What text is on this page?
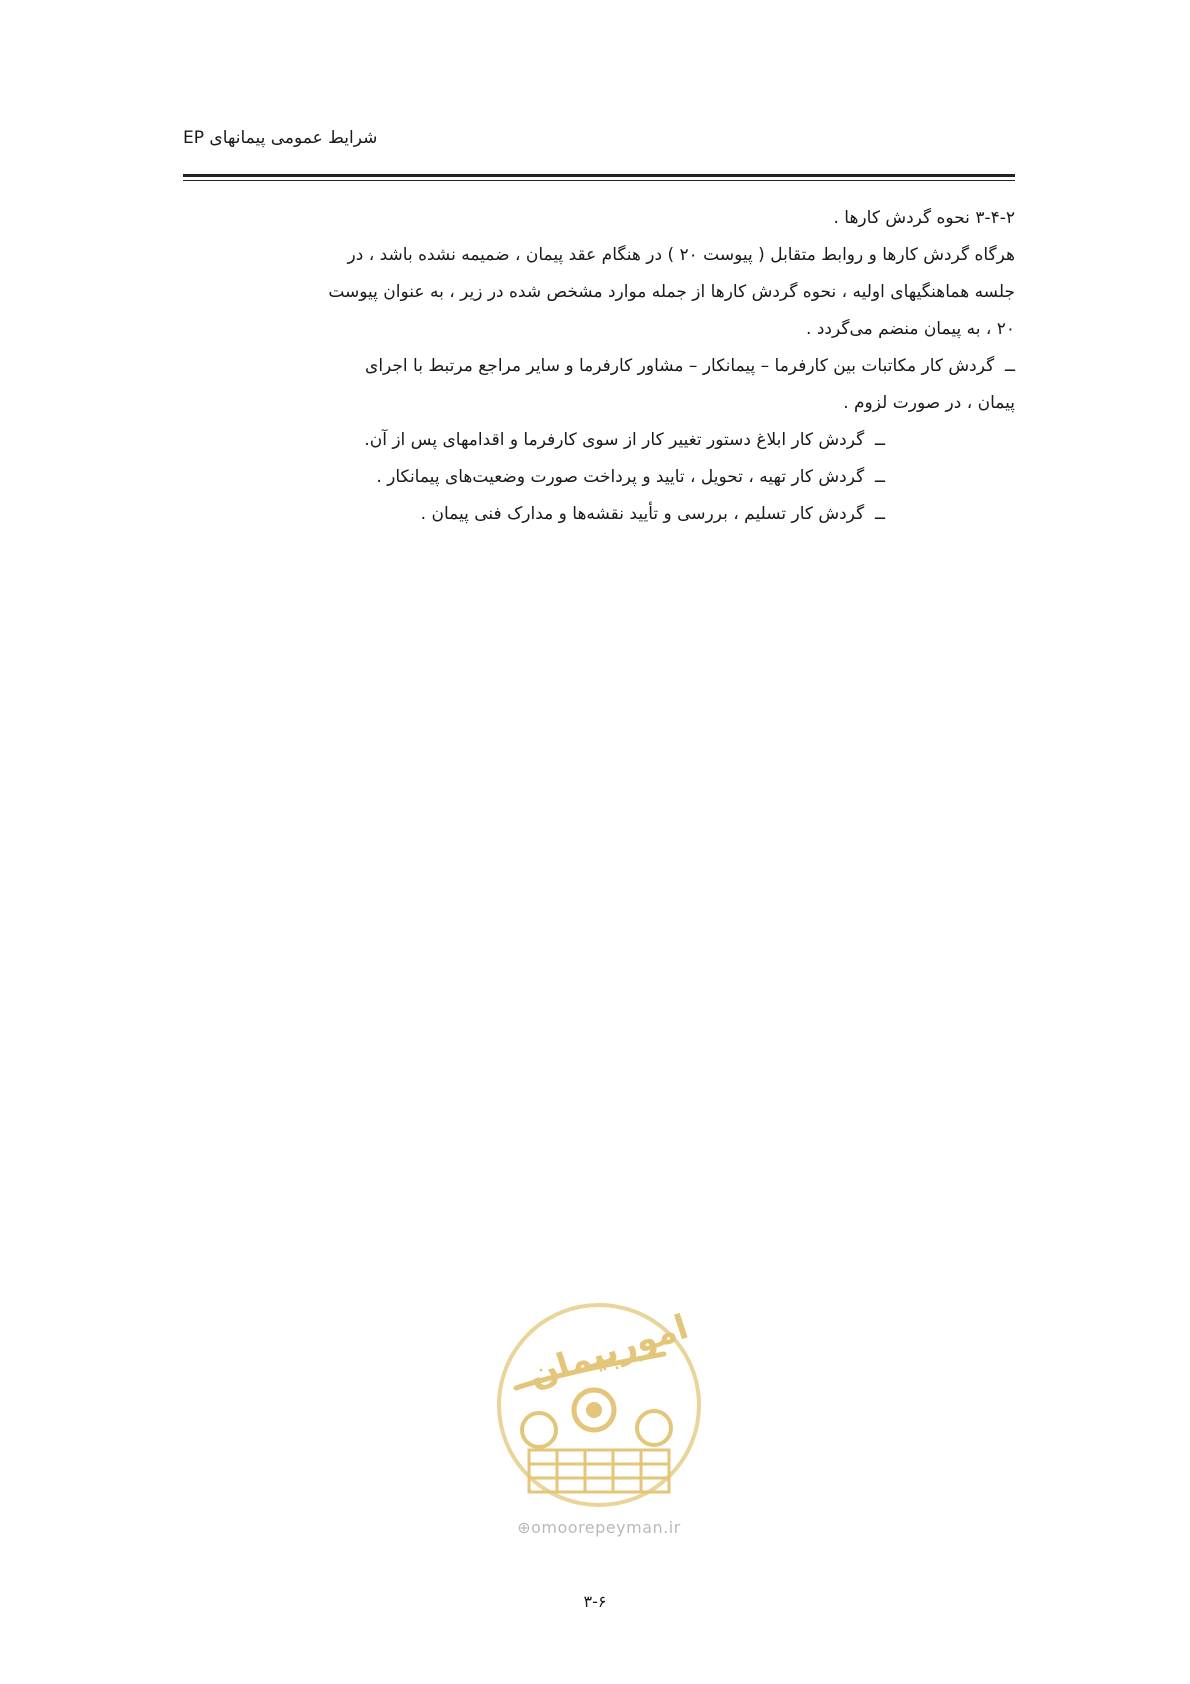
شرایط عمومی پیمانهای EP

۳-۴-۲ نحوه گردش کارها .

هرگاه گردش کارها و روابط متقابل ( پیوست ۲۰ ) در هنگام عقد پیمان ، ضمیمه نشده باشد ، در

جلسه هماهنگیهای اولیه ، نحوه گردش کارها از جمله موارد مشخص شده در زیر ، به عنوان پیوست

۲۰ ، به پیمان منضم می‌گردد .

ــ  گردش کار مکاتبات بین کارفرما – پیمانکار – مشاور کارفرما و سایر مراجع مرتبط با اجرای

پیمان ، در صورت لزوم .

ــ  گردش کار ابلاغ دستور تغییر کار از سوی کارفرما و اقدامهای پس از آن.

ــ  گردش کار تهیه ، تحویل ، تایید و پرداخت صورت وضعیت‌های پیمانکار .

ــ  گردش کار تسلیم ، بررسی و تأیید نقشه‌ها و مدارک فنی پیمان .

امورپیمان
⊕omoorepeyman.ir
۳-۶
